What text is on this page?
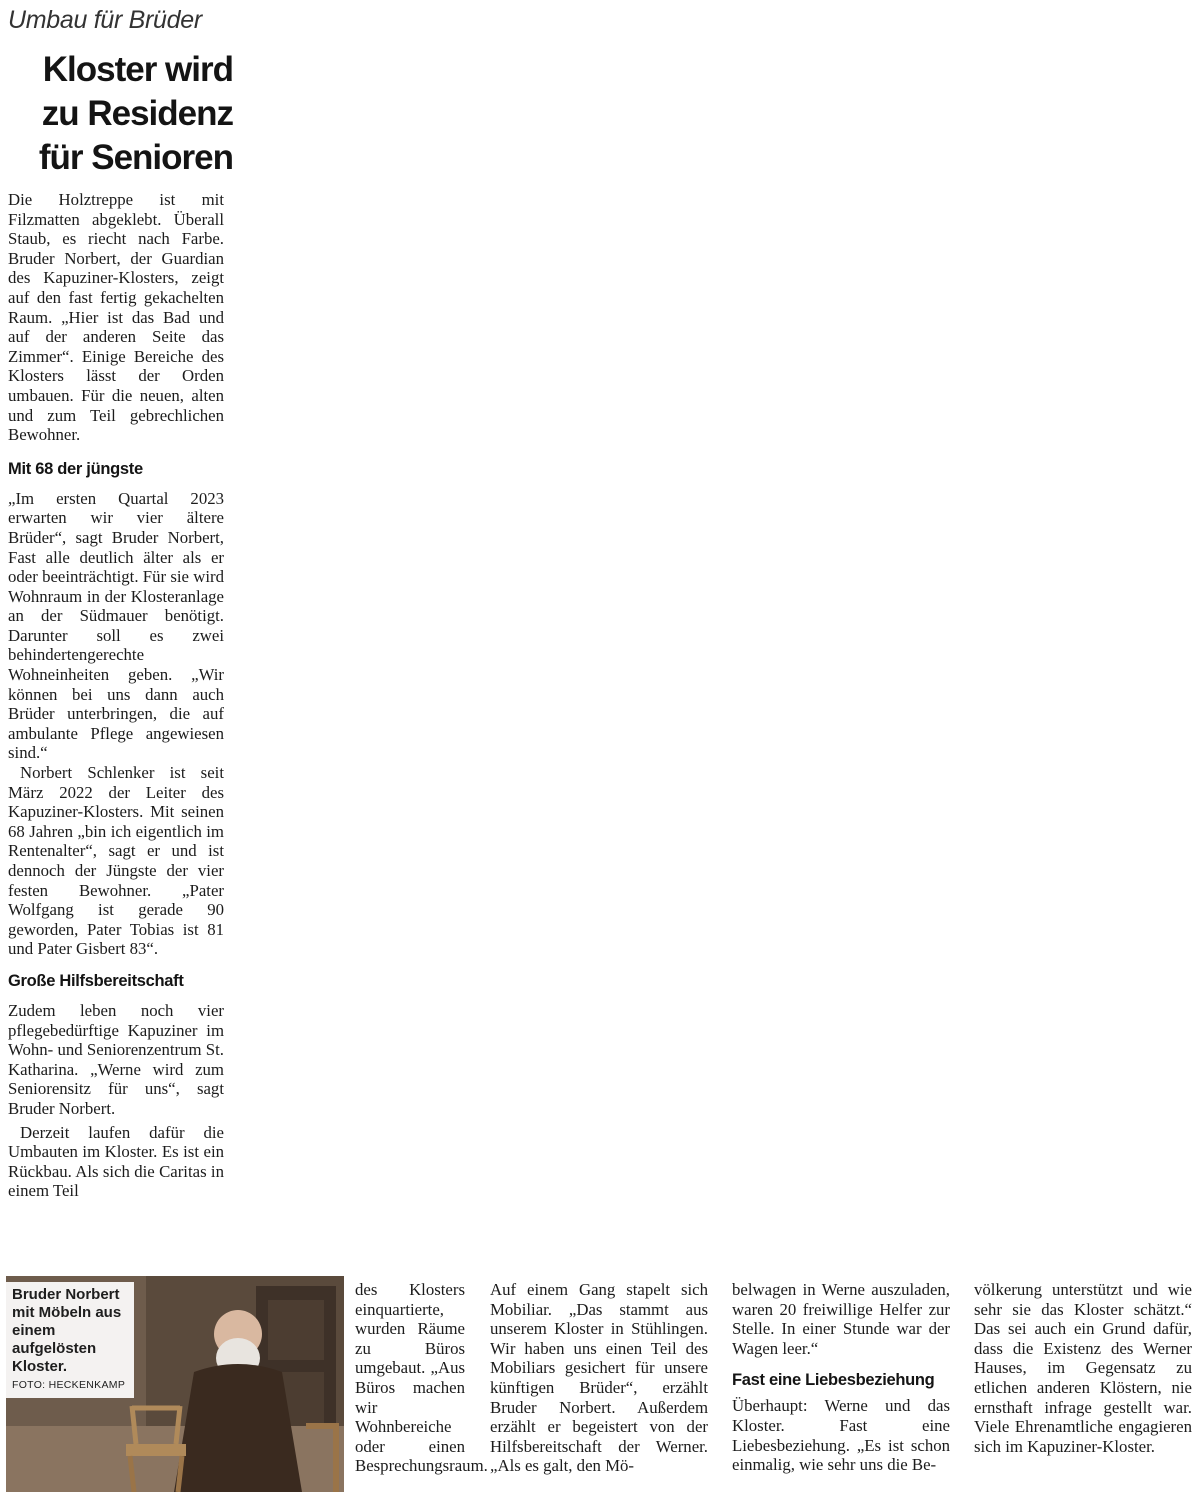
Umbau für Brüder
Kloster wird
zu Residenz
für Senioren

Die Holztreppe ist mit Filzmatten abgeklebt. Überall Staub, es riecht nach Farbe. Bruder Norbert, der Guardian des Kapuziner-Klosters, zeigt auf den fast fertig gekachelten Raum. „Hier ist das Bad und auf der anderen Seite das Zimmer“. Einige Bereiche des Klosters lässt der Orden umbauen. Für die neuen, alten und zum Teil gebrechlichen Bewohner.

Mit 68 der jüngste

„Im ersten Quartal 2023 erwarten wir vier ältere Brüder“, sagt Bruder Norbert, Fast alle deutlich älter als er oder beeinträchtigt. Für sie wird Wohnraum in der Klosteranlage an der Südmauer benötigt. Darunter soll es zwei behindertengerechte Wohneinheiten geben. „Wir können bei uns dann auch Brüder unterbringen, die auf ambulante Pflege angewiesen sind.“

Norbert Schlenker ist seit März 2022 der Leiter des Kapuziner-Klosters. Mit seinen 68 Jahren „bin ich eigentlich im Rentenalter“, sagt er und ist dennoch der Jüngste der vier festen Bewohner. „Pater Wolfgang ist gerade 90 geworden, Pater Tobias ist 81 und Pater Gisbert 83“.

Große Hilfsbereitschaft

Zudem leben noch vier pflegebedürftige Kapuziner im Wohn- und Seniorenzentrum St. Katharina. „Werne wird zum Seniorensitz für uns“, sagt Bruder Norbert.

Derzeit laufen dafür die Umbauten im Kloster. Es ist ein Rückbau. Als sich die Caritas in einem Teil

Bruder Norbert mit Möbeln aus einem aufgelösten Kloster.
FOTO: HECKENKAMP

des Klosters einquartierte, wurden Räume zu Büros umgebaut. „Aus Büros machen wir Wohnbereiche oder einen Besprechungsraum.

Auf einem Gang stapelt sich Mobiliar. „Das stammt aus unserem Kloster in Stühlingen. Wir haben uns einen Teil des Mobiliars gesichert für unsere künftigen Brüder“, erzählt Bruder Norbert. Außerdem erzählt er begeistert von der Hilfsbereitschaft der Werner. „Als es galt, den Mö-

belwagen in Werne auszuladen, waren 20 freiwillige Helfer zur Stelle. In einer Stunde war der Wagen leer.“

Fast eine Liebesbeziehung

Überhaupt: Werne und das Kloster. Fast eine Liebesbeziehung. „Es ist schon einmalig, wie sehr uns die Be-

völkerung unterstützt und wie sehr sie das Kloster schätzt.“ Das sei auch ein Grund dafür, dass die Existenz des Werner Hauses, im Gegensatz zu etlichen anderen Klöstern, nie ernsthaft infrage gestellt war. Viele Ehrenamtliche engagieren sich im Kapuziner-Kloster.
